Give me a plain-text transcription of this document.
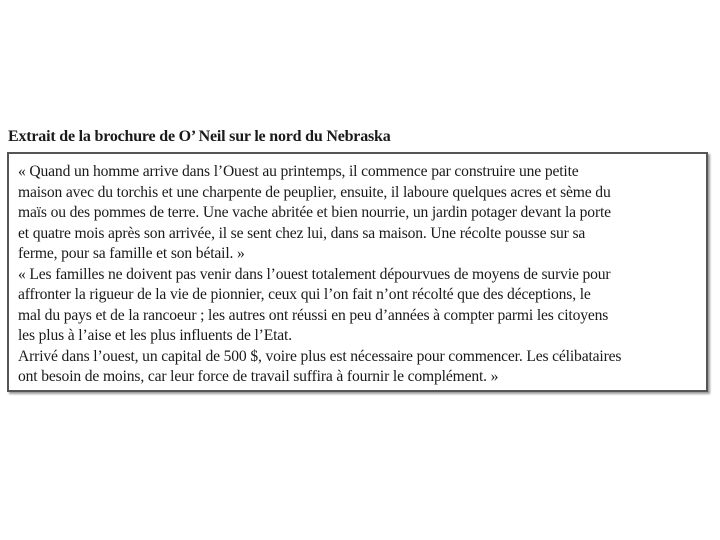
Extrait de la brochure de O’ Neil sur le nord du Nebraska
« Quand un homme arrive dans l’Ouest au printemps, il commence par construire une petite
maison avec du torchis et une charpente de peuplier, ensuite, il laboure quelques acres et sème du
maïs ou des pommes de terre. Une vache abritée et bien nourrie, un jardin potager devant la porte
et quatre mois après son arrivée, il se sent chez lui, dans sa maison. Une récolte pousse sur sa
ferme, pour sa famille et son bétail. »
« Les familles ne doivent pas venir dans l’ouest totalement dépourvues de moyens de survie pour
affronter la rigueur de la vie de pionnier, ceux qui l’on fait n’ont récolté que des déceptions, le
mal du pays et de la rancoeur ; les autres ont réussi en peu d’années à compter parmi les citoyens
les plus à l’aise et les plus influents de l’Etat.
Arrivé dans l’ouest, un capital de 500 $, voire plus est nécessaire pour commencer. Les célibataires
ont besoin de moins, car leur force de travail suffira à fournir le complément. »
